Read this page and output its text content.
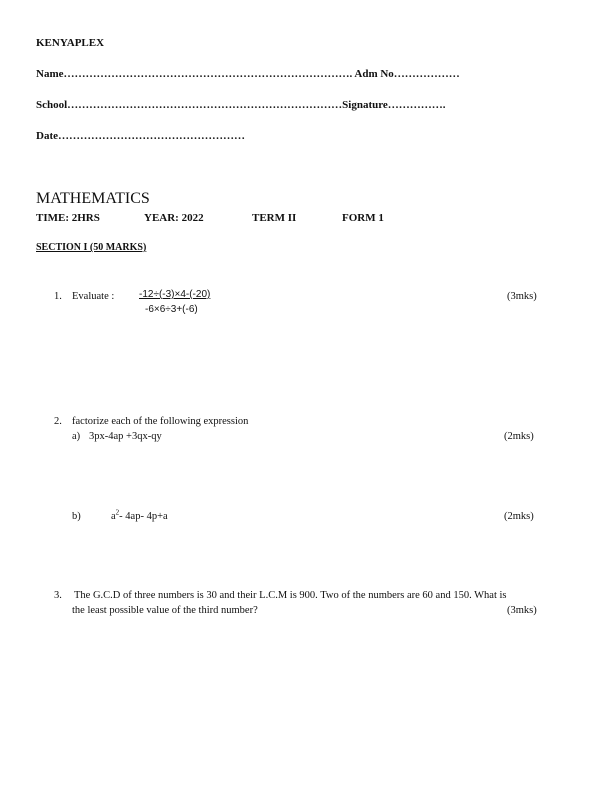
KENYAPLEX
Name……………………………………………………………………. Adm No………………
School…………………………………………………………………Signature…………….
Date……………………………………………
MATHEMATICS
TIME: 2HRS	YEAR: 2022	TERM II	FORM 1
SECTION I (50 MARKS)
1. Evaluate : -12÷(-3)×4-(-20)
-6×6÷3+(-6)
(3mks)
2. factorize each of the following expression
a) 3px-4ap +3qx-qy	(2mks)
b)	$a^2-$ 4ap- 4p+a	(2mks)
3. The G.C.D of three numbers is 30 and their L.C.M is 900. Two of the numbers are 60 and 150. What is
the least possible value of the third number?	(3mks)
